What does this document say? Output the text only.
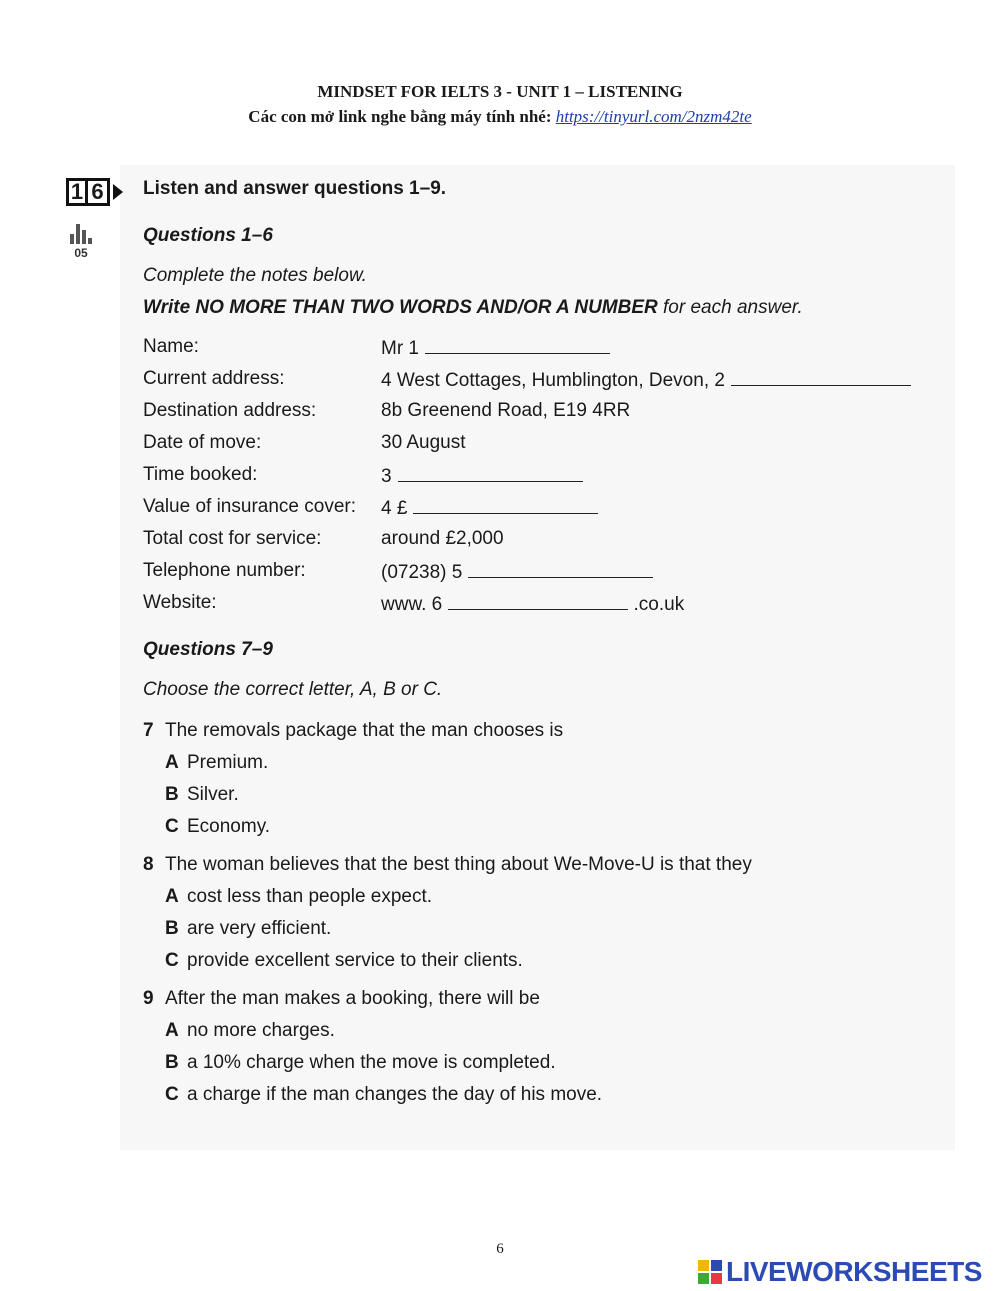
MINDSET FOR IELTS 3 - UNIT 1 – LISTENING
Các con mở link nghe bằng máy tính nhé: https://tinyurl.com/2nzm42te
1 6
05

Listen and answer questions 1–9.

Questions 1–6

Complete the notes below.

Write NO MORE THAN TWO WORDS AND/OR A NUMBER for each answer.

Name:	Mr 1
Current address:	4 West Cottages, Humblington, Devon, 2
Destination address:	8b Greenend Road, E19 4RR
Date of move:	30 August
Time booked:	3
Value of insurance cover:	4 £
Total cost for service:	around £2,000
Telephone number:	(07238) 5
Website:	www. 6	.co.uk

Questions 7–9

Choose the correct letter, A, B or C.

7 The removals package that the man chooses is
A Premium.
B Silver.
C Economy.
8 The woman believes that the best thing about We-Move-U is that they
A cost less than people expect.
B are very efficient.
C provide excellent service to their clients.
9 After the man makes a booking, there will be
A no more charges.
B a 10% charge when the move is completed.
C a charge if the man changes the day of his move.
6
LIVEWORKSHEETS
